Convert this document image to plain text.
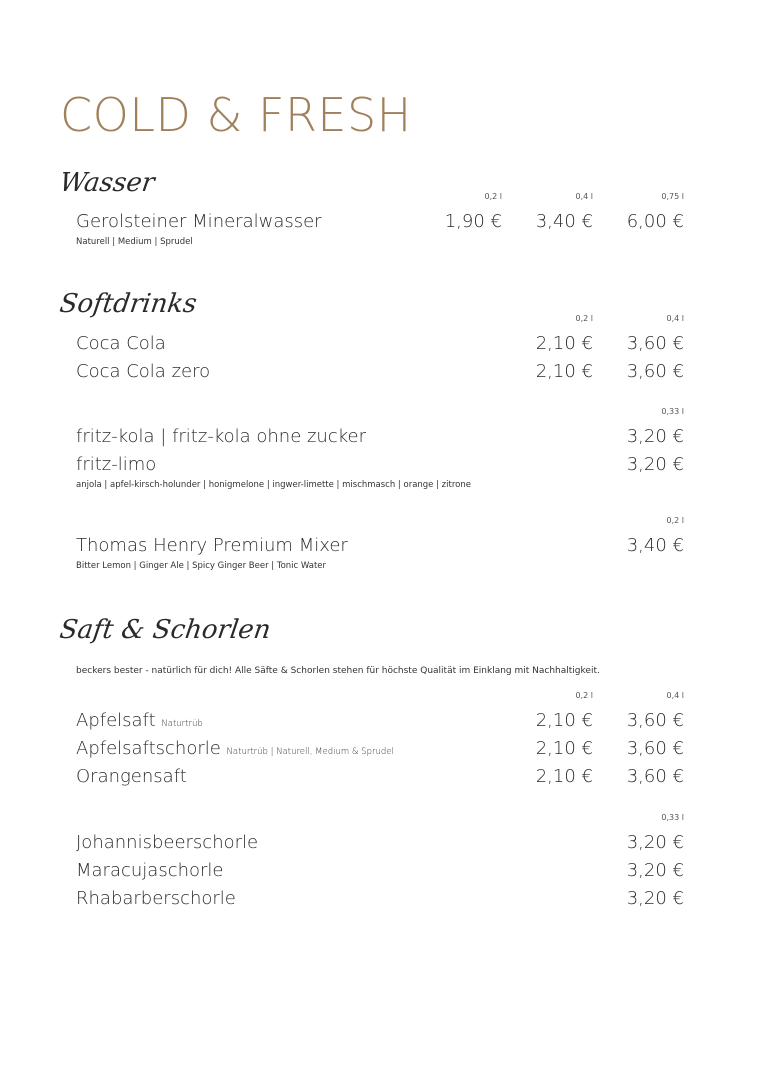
COLD & FRESH
Wasser	0,2 l	0,4 l	0,75 l
Gerolsteiner Mineralwasser	1,90 €	3,40 €	6,00 €
Naturell | Medium | Sprudel
Softdrinks	0,2 l	0,4 l
Coca Cola	2,10 €	3,60 €
Coca Cola zero	2,10 €	3,60 €
0,33 l
fritz-kola | fritz-kola ohne zucker	3,20 €
fritz-limo	3,20 €
anjola | apfel-kirsch-holunder | honigmelone | ingwer-limette | mischmasch | orange | zitrone
0,2 l
Thomas Henry Premium Mixer	3,40 €
Bitter Lemon | Ginger Ale | Spicy Ginger Beer | Tonic Water
Saft & Schorlen
beckers bester - natürlich für dich! Alle Säfte & Schorlen stehen für höchste Qualität im Einklang mit Nachhaltigkeit.
0,2 l	0,4 l
Apfelsaft Naturtrüb	2,10 €	3,60 €
Apfelsaftschorle Naturtrüb | Naturell, Medium & Sprudel	2,10 €	3,60 €
Orangensaft	2,10 €	3,60 €
0,33 l
Johannisbeerschorle	3,20 €
Maracujaschorle	3,20 €
Rhabarberschorle	3,20 €
